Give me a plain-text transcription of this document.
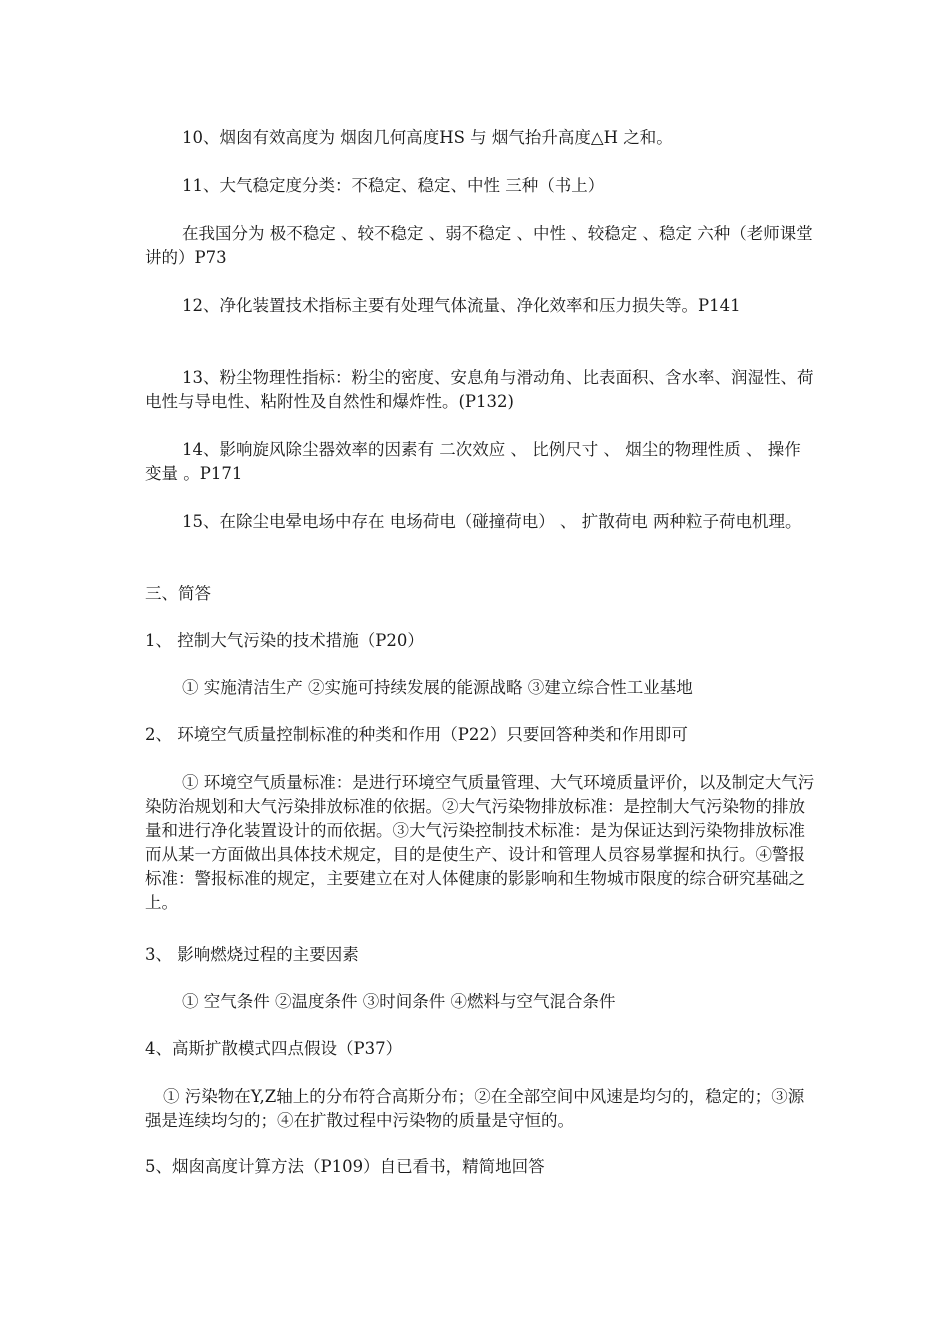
10、烟囱有效高度为 烟囱几何高度HS 与 烟气抬升高度△H 之和。

11、大气稳定度分类：不稳定、稳定、中性 三种（书上）

在我国分为 极不稳定 、较不稳定 、弱不稳定 、中性 、较稳定 、稳定 六种（老师课堂讲的）P73

12、净化装置技术指标主要有处理气体流量、净化效率和压力损失等。P141

13、粉尘物理性指标：粉尘的密度、安息角与滑动角、比表面积、含水率、润湿性、荷电性与导电性、粘附性及自然性和爆炸性。(P132)

14、影响旋风除尘器效率的因素有 二次效应 、 比例尺寸 、 烟尘的物理性质 、 操作变量 。P171

15、在除尘电晕电场中存在 电场荷电（碰撞荷电） 、 扩散荷电 两种粒子荷电机理。

三、简答

1、 控制大气污染的技术措施（P20）

① 实施清洁生产 ②实施可持续发展的能源战略 ③建立综合性工业基地

2、 环境空气质量控制标准的种类和作用（P22）只要回答种类和作用即可

① 环境空气质量标准：是进行环境空气质量管理、大气环境质量评价，以及制定大气污染防治规划和大气污染排放标准的依据。②大气污染物排放标准：是控制大气污染物的排放量和进行净化装置设计的而依据。③大气污染控制技术标准：是为保证达到污染物排放标准而从某一方面做出具体技术规定，目的是使生产、设计和管理人员容易掌握和执行。④警报标准：警报标准的规定，主要建立在对人体健康的影影响和生物城市限度的综合研究基础之上。

3、 影响燃烧过程的主要因素

① 空气条件 ②温度条件 ③时间条件 ④燃料与空气混合条件

4、高斯扩散模式四点假设（P37）

① 污染物在Y,Z轴上的分布符合高斯分布；②在全部空间中风速是均匀的，稳定的；③源强是连续均匀的；④在扩散过程中污染物的质量是守恒的。

5、烟囱高度计算方法（P109）自已看书，精简地回答
